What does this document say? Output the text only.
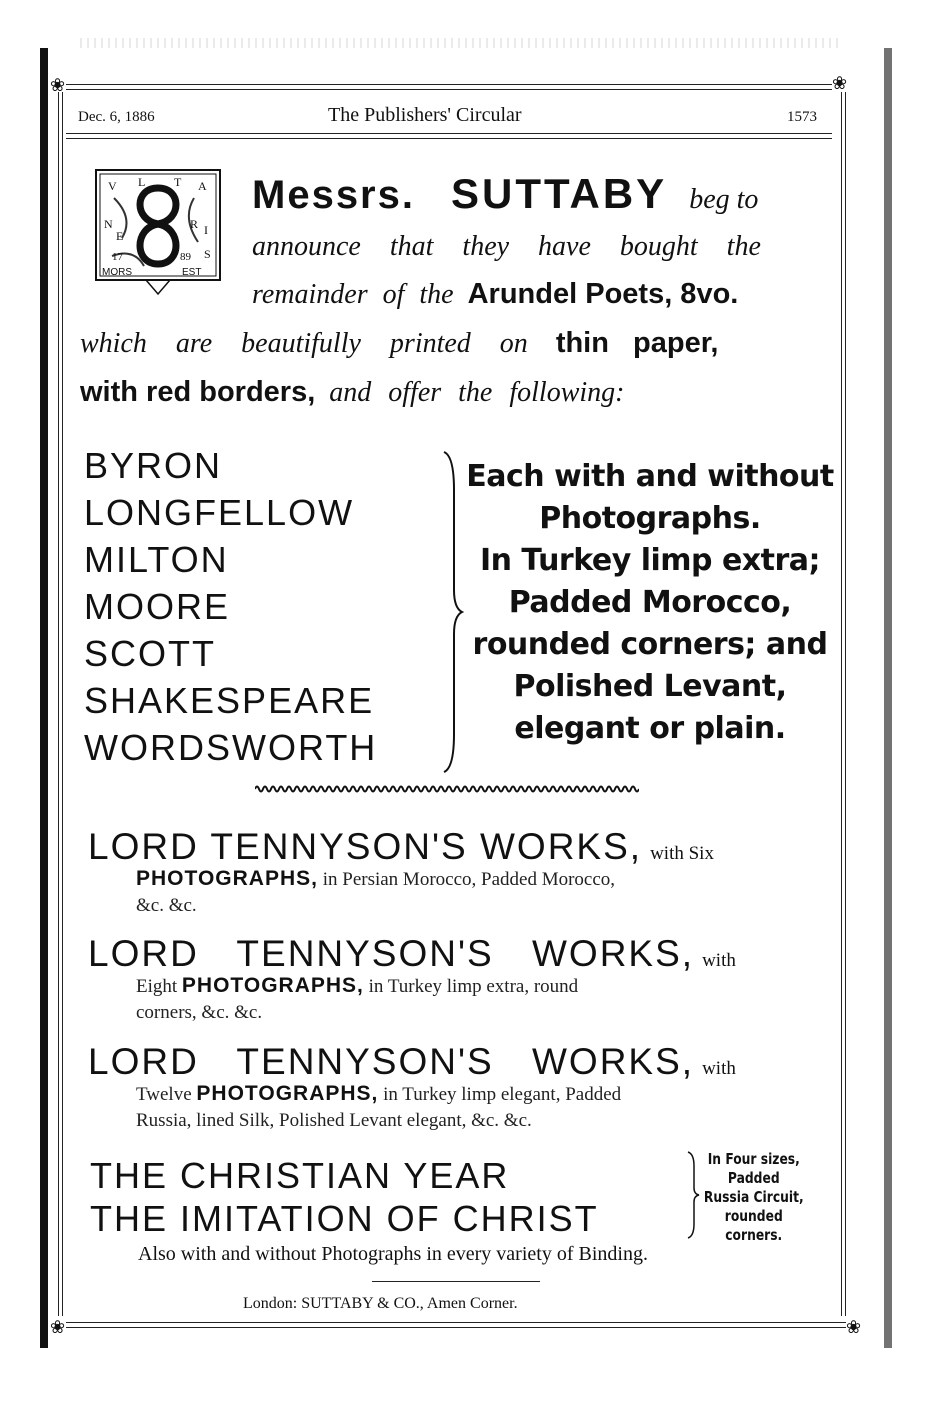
❀	❀
Dec. 6, 1886	The Publishers' Circular	1573
V L T A
N
E
R I
17	89 S
MORS	EST
Messrs. SUTTABY beg to
announce that they have bought the
remainder of the Arundel Poets, 8vo.
which are beautifully printed on thin paper,
with red borders, and offer the following:
BYRON
LONGFELLOW
MILTON
MOORE
SCOTT
SHAKESPEARE
WORDSWORTH
Each with and without
Photographs.
In Turkey limp extra;
Padded Morocco,
rounded corners; and
Polished Levant,
elegant or plain.
LORD TENNYSON'S WORKS, with Six
PHOTOGRAPHS, in Persian Morocco, Padded Morocco,
&c. &c.
LORD TENNYSON'S WORKS, with
Eight PHOTOGRAPHS, in Turkey limp extra, round
corners, &c. &c.
LORD TENNYSON'S WORKS, with
Twelve PHOTOGRAPHS, in Turkey limp elegant, Padded
Russia, lined Silk, Polished Levant elegant, &c. &c.
THE CHRISTIAN YEAR
THE IMITATION OF CHRIST
In Four sizes,
Padded
Russia Circuit,
rounded corners.
Also with and without Photographs in every variety of Binding.
London: SUTTABY & CO., Amen Corner.
❀	❀
